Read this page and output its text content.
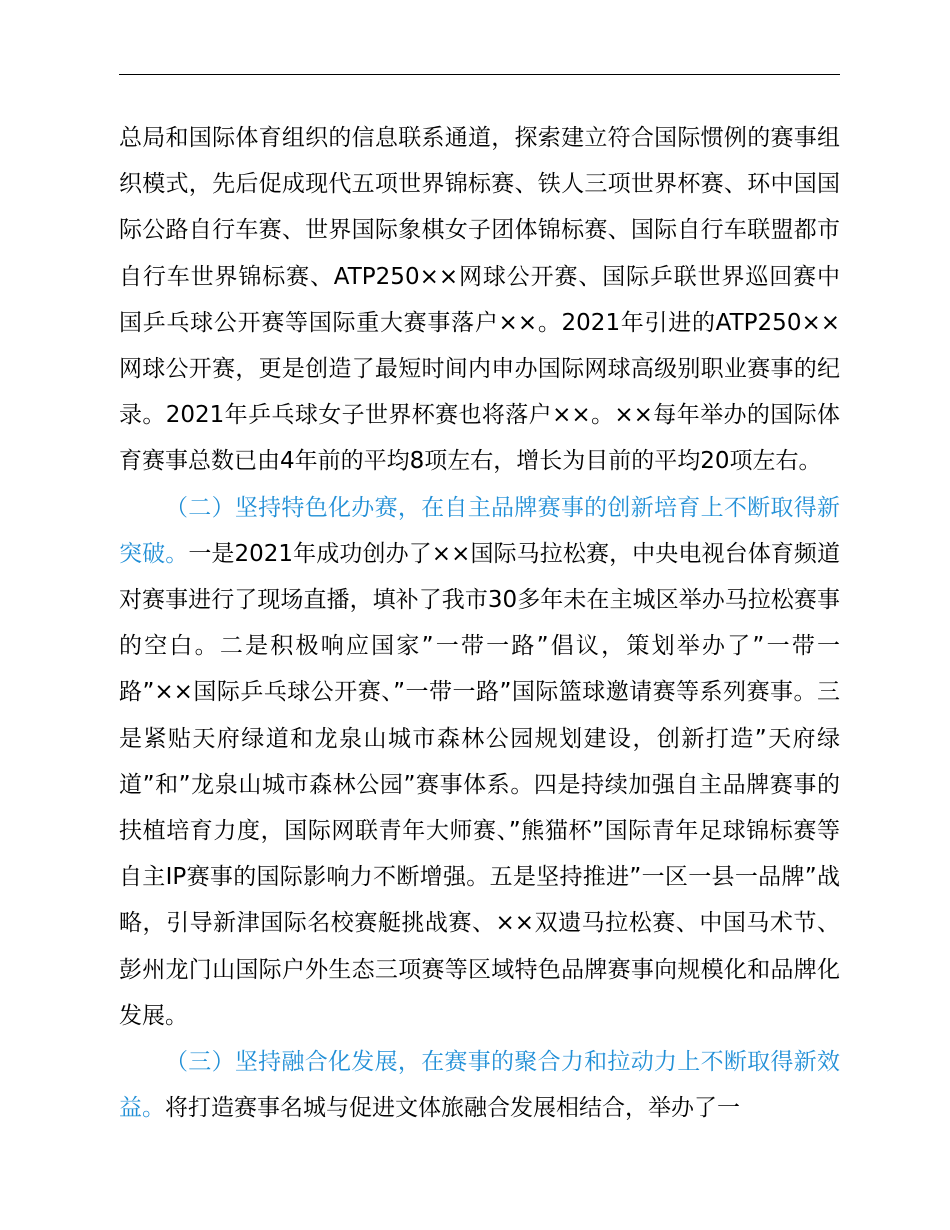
总局和国际体育组织的信息联系通道，探索建立符合国际惯例的赛事组织模式，先后促成现代五项世界锦标赛、铁人三项世界杯赛、环中国国际公路自行车赛、世界国际象棋女子团体锦标赛、国际自行车联盟都市自行车世界锦标赛、ATP250××网球公开赛、国际乒联世界巡回赛中国乒乓球公开赛等国际重大赛事落户××。2021年引进的ATP250××网球公开赛，更是创造了最短时间内申办国际网球高级别职业赛事的纪录。2021年乒乓球女子世界杯赛也将落户××。××每年举办的国际体育赛事总数已由4年前的平均8项左右，增长为目前的平均20项左右。

（二）坚持特色化办赛，在自主品牌赛事的创新培育上不断取得新突破。一是2021年成功创办了××国际马拉松赛，中央电视台体育频道对赛事进行了现场直播，填补了我市30多年未在主城区举办马拉松赛事的空白。二是积极响应国家”一带一路”倡议，策划举办了”一带一路”××国际乒乓球公开赛、”一带一路”国际篮球邀请赛等系列赛事。三是紧贴天府绿道和龙泉山城市森林公园规划建设，创新打造”天府绿道”和”龙泉山城市森林公园”赛事体系。四是持续加强自主品牌赛事的扶植培育力度，国际网联青年大师赛、”熊猫杯”国际青年足球锦标赛等自主IP赛事的国际影响力不断增强。五是坚持推进”一区一县一品牌”战略，引导新津国际名校赛艇挑战赛、××双遗马拉松赛、中国马术节、彭州龙门山国际户外生态三项赛等区域特色品牌赛事向规模化和品牌化发展。

（三）坚持融合化发展，在赛事的聚合力和拉动力上不断取得新效益。将打造赛事名城与促进文体旅融合发展相结合，举办了一
